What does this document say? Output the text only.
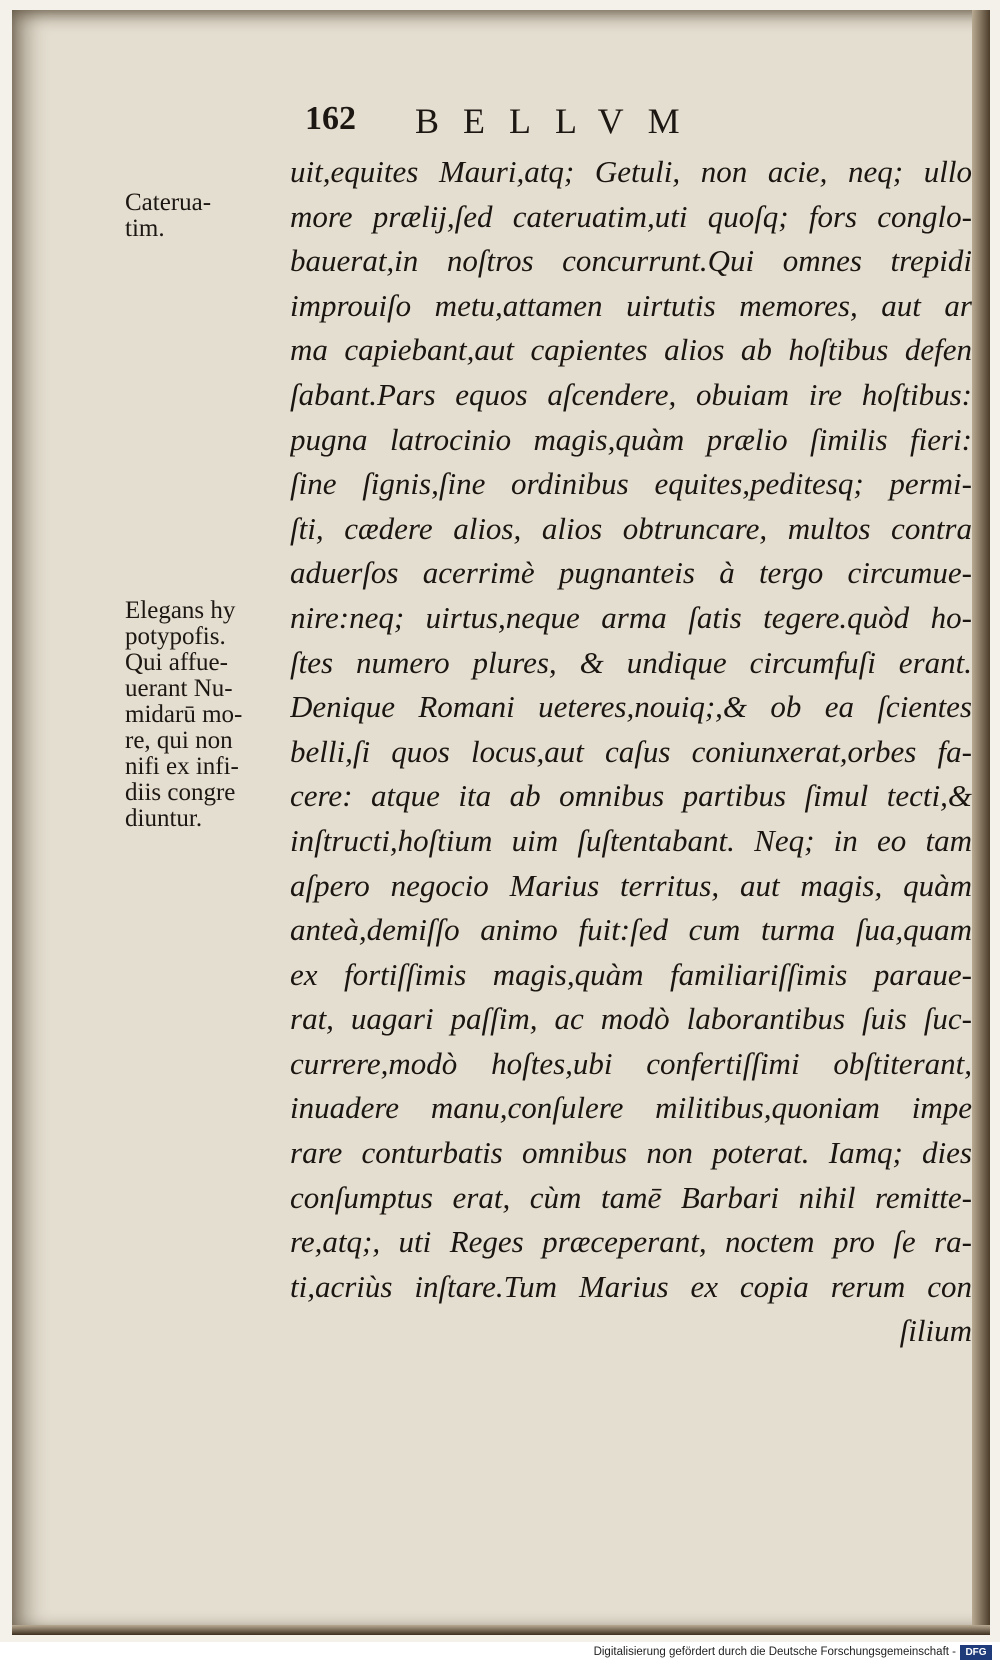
162 BELLVM
Caterua-
tim.
Elegans hy
potypofis.
Qui affue-
uerant Nu-
midarū mo-
re, qui non
nifi ex infi-
diis congre
diuntur.
uit,equites Mauri,atq; Getuli, non acie, neq; ullo
more prælij,ſed cateruatim,uti quoſq; fors conglo-
bauerat,in noſtros concurrunt.Qui omnes trepidi
improuiſo metu,attamen uirtutis memores, aut ar
ma capiebant,aut capientes alios ab hoſtibus defen
ſabant.Pars equos aſcendere, obuiam ire hoſtibus:
pugna latrocinio magis,quàm prælio ſimilis fieri:
ſine ſignis,ſine ordinibus equites,peditesq; permi-
ſti, cædere alios, alios obtruncare, multos contra
aduerſos acerrimè pugnanteis à tergo circumue-
nire:neq; uirtus,neque arma ſatis tegere.quòd ho-
ſtes numero plures, & undique circumfuſi erant.
Denique Romani ueteres,nouiq;,& ob ea ſcientes
belli,ſi quos locus,aut caſus coniunxerat,orbes fa-
cere: atque ita ab omnibus partibus ſimul tecti,&
inſtructi,hoſtium uim ſuſtentabant. Neq; in eo tam
aſpero negocio Marius territus, aut magis, quàm
anteà,demiſſo animo fuit:ſed cum turma ſua,quam
ex fortiſſimis magis,quàm familiariſſimis paraue-
rat, uagari paſſim, ac modò laborantibus ſuis ſuc-
currere,modò hoſtes,ubi confertiſſimi obſtiterant,
inuadere manu,conſulere militibus,quoniam impe
rare conturbatis omnibus non poterat. Iamq; dies
conſumptus erat, cùm tamē Barbari nihil remitte-
re,atq;, uti Reges præceperant, noctem pro ſe ra-
ti,acriùs inſtare.Tum Marius ex copia rerum con
ſilium
Digitalisierung gefördert durch die Deutsche Forschungsgemeinschaft - DFG
